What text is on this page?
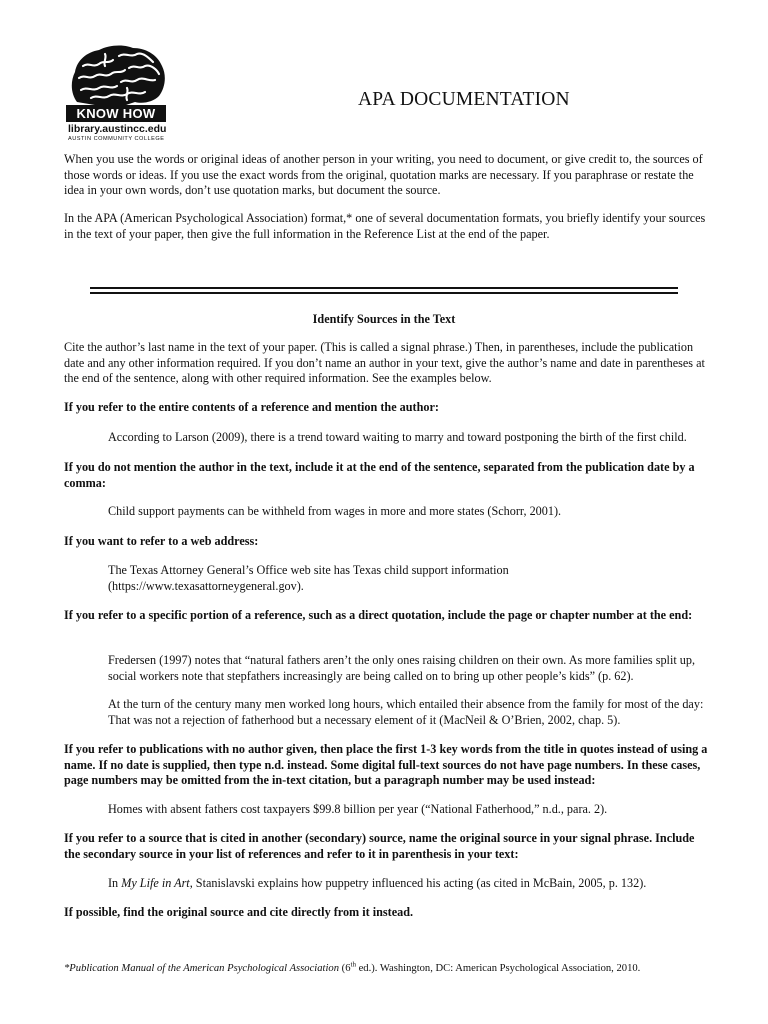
KNOW HOW
library.austincc.edu
AUSTIN COMMUNITY COLLEGE
APA DOCUMENTATION

When you use the words or original ideas of another person in your writing, you need to document, or give credit to, the sources of those words or ideas. If you use the exact words from the original, quotation marks are necessary. If you paraphrase or restate the idea in your own words, don’t use quotation marks, but document the source.

In the APA (American Psychological Association) format,* one of several documentation formats, you briefly identify your sources in the text of your paper, then give the full information in the Reference List at the end of the paper.

Identify Sources in the Text

Cite the author’s last name in the text of your paper. (This is called a signal phrase.) Then, in parentheses, include the publication date and any other information required. If you don’t name an author in your text, give the author’s name and date in parentheses at the end of the sentence, along with other required information. See the examples below.

If you refer to the entire contents of a reference and mention the author:

According to Larson (2009), there is a trend toward waiting to marry and toward postponing the birth of the first child.

If you do not mention the author in the text, include it at the end of the sentence, separated from the publication date by a comma:

Child support payments can be withheld from wages in more and more states (Schorr, 2001).

If you want to refer to a web address:

The Texas Attorney General’s Office web site has Texas child support information (https://www.texasattorneygeneral.gov).

If you refer to a specific portion of a reference, such as a direct quotation, include the page or chapter number at the end:

Fredersen (1997) notes that “natural fathers aren’t the only ones raising children on their own. As more families split up, social workers note that stepfathers increasingly are being called on to bring up other people’s kids” (p. 62).

At the turn of the century many men worked long hours, which entailed their absence from the family for most of the day: That was not a rejection of fatherhood but a necessary element of it (MacNeil & O’Brien, 2002, chap. 5).

If you refer to publications with no author given, then place the first 1-3 key words from the title in quotes instead of using a name. If no date is supplied, then type n.d. instead. Some digital full-text sources do not have page numbers. In these cases, page numbers may be omitted from the in-text citation, but a paragraph number may be used instead:

Homes with absent fathers cost taxpayers $99.8 billion per year (“National Fatherhood,” n.d., para. 2).

If you refer to a source that is cited in another (secondary) source, name the original source in your signal phrase. Include the secondary source in your list of references and refer to it in parenthesis in your text:

In My Life in Art, Stanislavski explains how puppetry influenced his acting (as cited in McBain, 2005, p. 132).

If possible, find the original source and cite directly from it instead.

*Publication Manual of the American Psychological Association (6th ed.). Washington, DC: American Psychological Association, 2010.
